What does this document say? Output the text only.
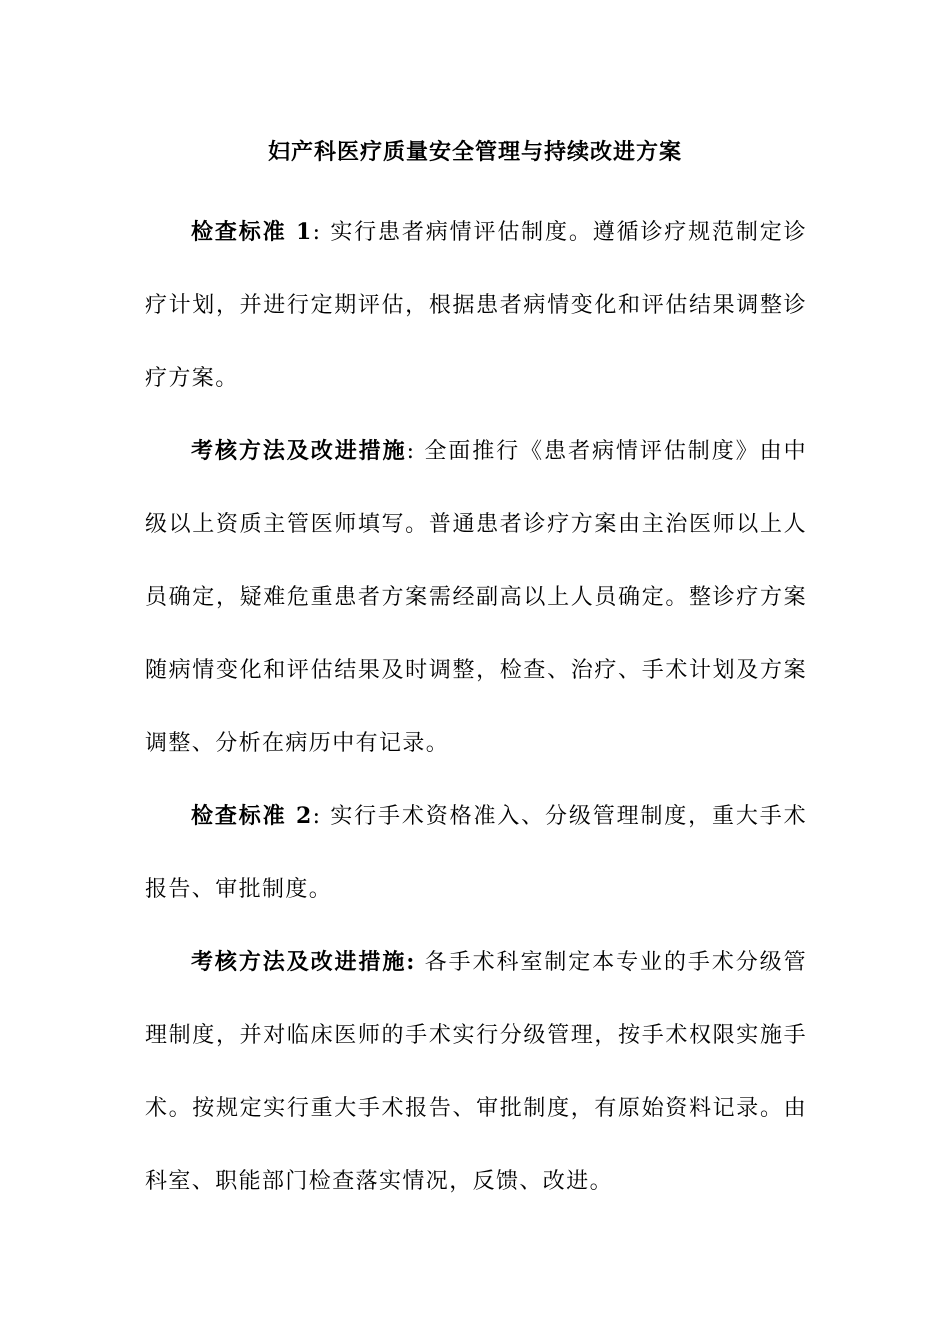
妇产科医疗质量安全管理与持续改进方案

检查标准 1: 实行患者病情评估制度。遵循诊疗规范制定诊疗计划，并进行定期评估，根据患者病情变化和评估结果调整诊疗方案。

考核方法及改进措施: 全面推行《患者病情评估制度》由中级以上资质主管医师填写。普通患者诊疗方案由主治医师以上人员确定，疑难危重患者方案需经副高以上人员确定。整诊疗方案随病情变化和评估结果及时调整，检查、治疗、手术计划及方案调整、分析在病历中有记录。

检查标准 2: 实行手术资格准入、分级管理制度，重大手术报告、审批制度。

考核方法及改进措施: 各手术科室制定本专业的手术分级管理制度，并对临床医师的手术实行分级管理，按手术权限实施手术。按规定实行重大手术报告、审批制度，有原始资料记录。由科室、职能部门检查落实情况，反馈、改进。
